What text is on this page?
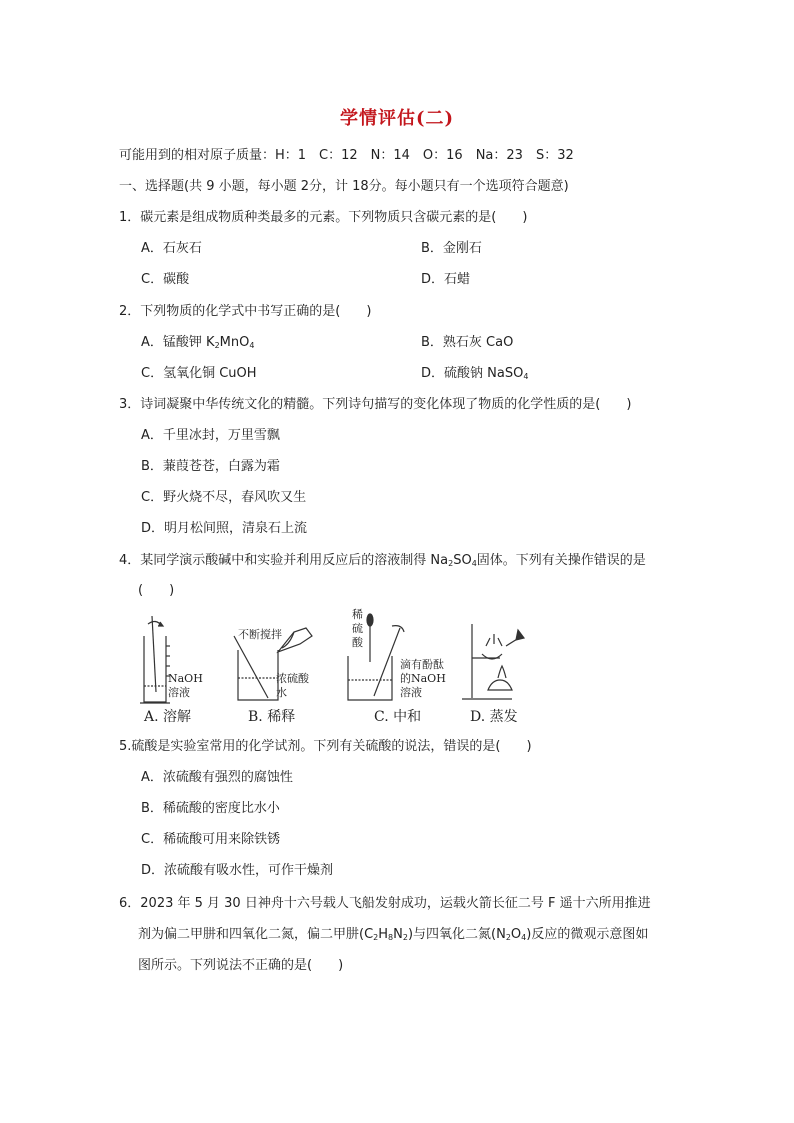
学情评估(二)
可能用到的相对原子质量：H：1　C：12　N：14　O：16　Na：23　S：32
一、选择题(共 9 小题，每小题 2分，计 18分。每小题只有一个选项符合题意)
1．碳元素是组成物质种类最多的元素。下列物质只含碳元素的是(　　)
A．石灰石	B．金刚石
C．碳酸	D．石蜡
2．下列物质的化学式中书写正确的是(　　)
A．锰酸钾 $K_2MnO_4$	B．熟石灰 CaO
C．氢氧化铜 CuOH	D．硫酸钠 NaSO$_4$
3．诗词凝聚中华传统文化的精髓。下列诗句描写的变化体现了物质的化学性质的是(　　)
A．千里冰封，万里雪飘
B．蒹葭苍苍，白露为霜
C．野火烧不尽，春风吹又生
D．明月松间照，清泉石上流
4．某同学演示酸碱中和实验并利用反应后的溶液制得 $Na_2SO_4$固体。下列有关操作错误的是
(　　)
NaOH
溶液
不断搅拌
浓硫酸
水
稀
硫
酸
滴有酚酞
的NaOH
溶液
A. 溶解	B. 稀释	C. 中和	D. 蒸发
5.硫酸是实验室常用的化学试剂。下列有关硫酸的说法，错误的是(　　)
A．浓硫酸有强烈的腐蚀性
B．稀硫酸的密度比水小
C．稀硫酸可用来除铁锈
D．浓硫酸有吸水性，可作干燥剂
6．2023 年 5 月 30 日神舟十六号载人飞船发射成功，运载火箭长征二号 F 遥十六所用推进
剂为偏二甲肼和四氧化二氮，偏二甲肼$(C_2H_8N_2)$与四氧化二氮$(N_2O_4)$反应的微观示意图如
图所示。下列说法不正确的是(　　)
